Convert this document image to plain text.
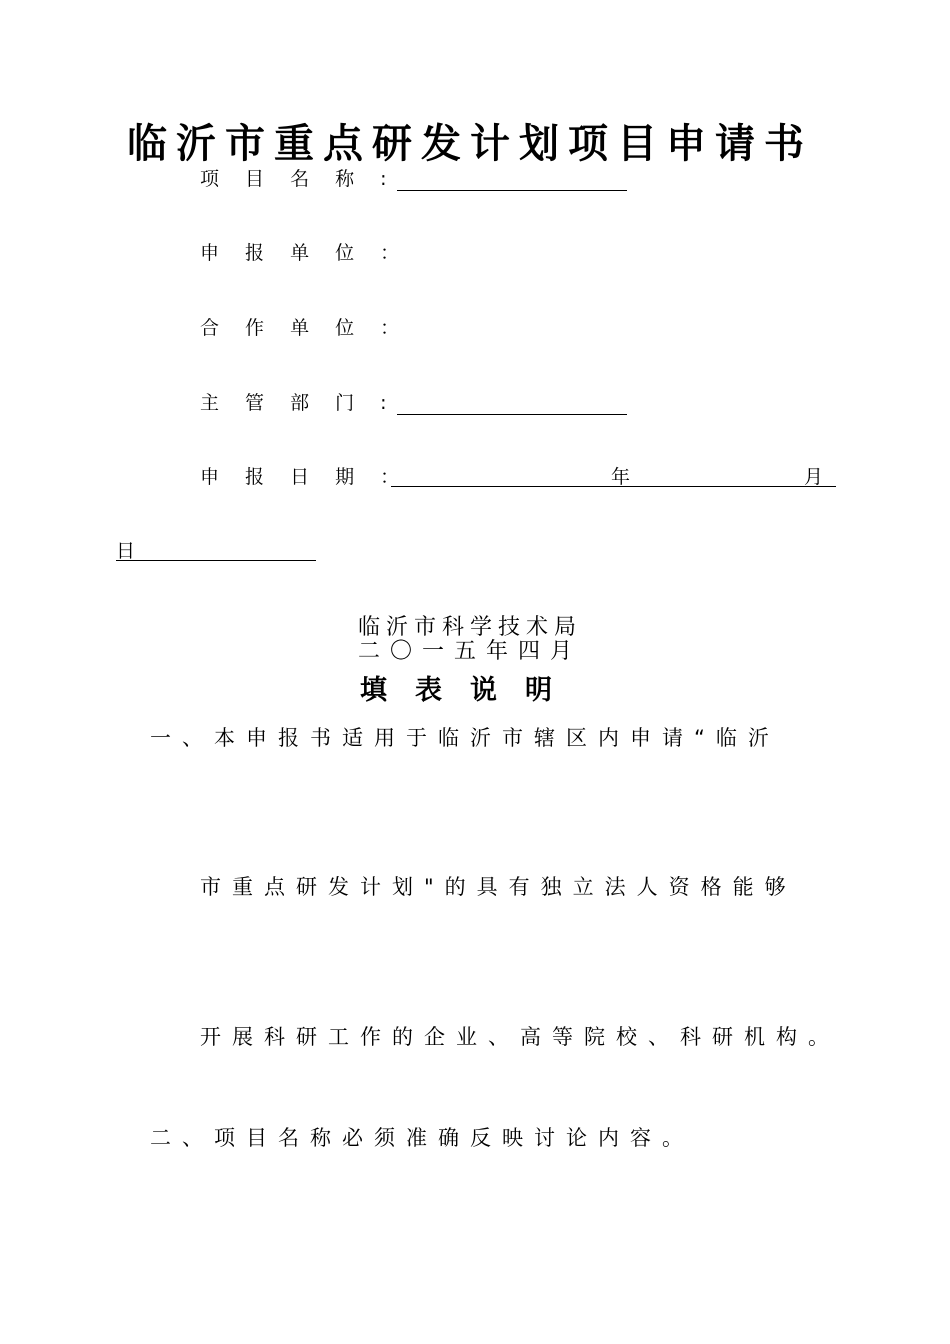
临沂市重点研发计划项目申请书
项 目 名 称 :
申 报 单 位 ：
合 作 单 位 ：
主 管 部 门 :
申 报 日 期 ：	年	月
日
临沂市科学技术局
二〇一五年四月
填表说明
一、本申报书适用于临沂市辖区内申请“临沂
市重点研发计划"的具有独立法人资格能够
开展科研工作的企业、高等院校、科研机构。
二、项目名称必须准确反映讨论内容。
